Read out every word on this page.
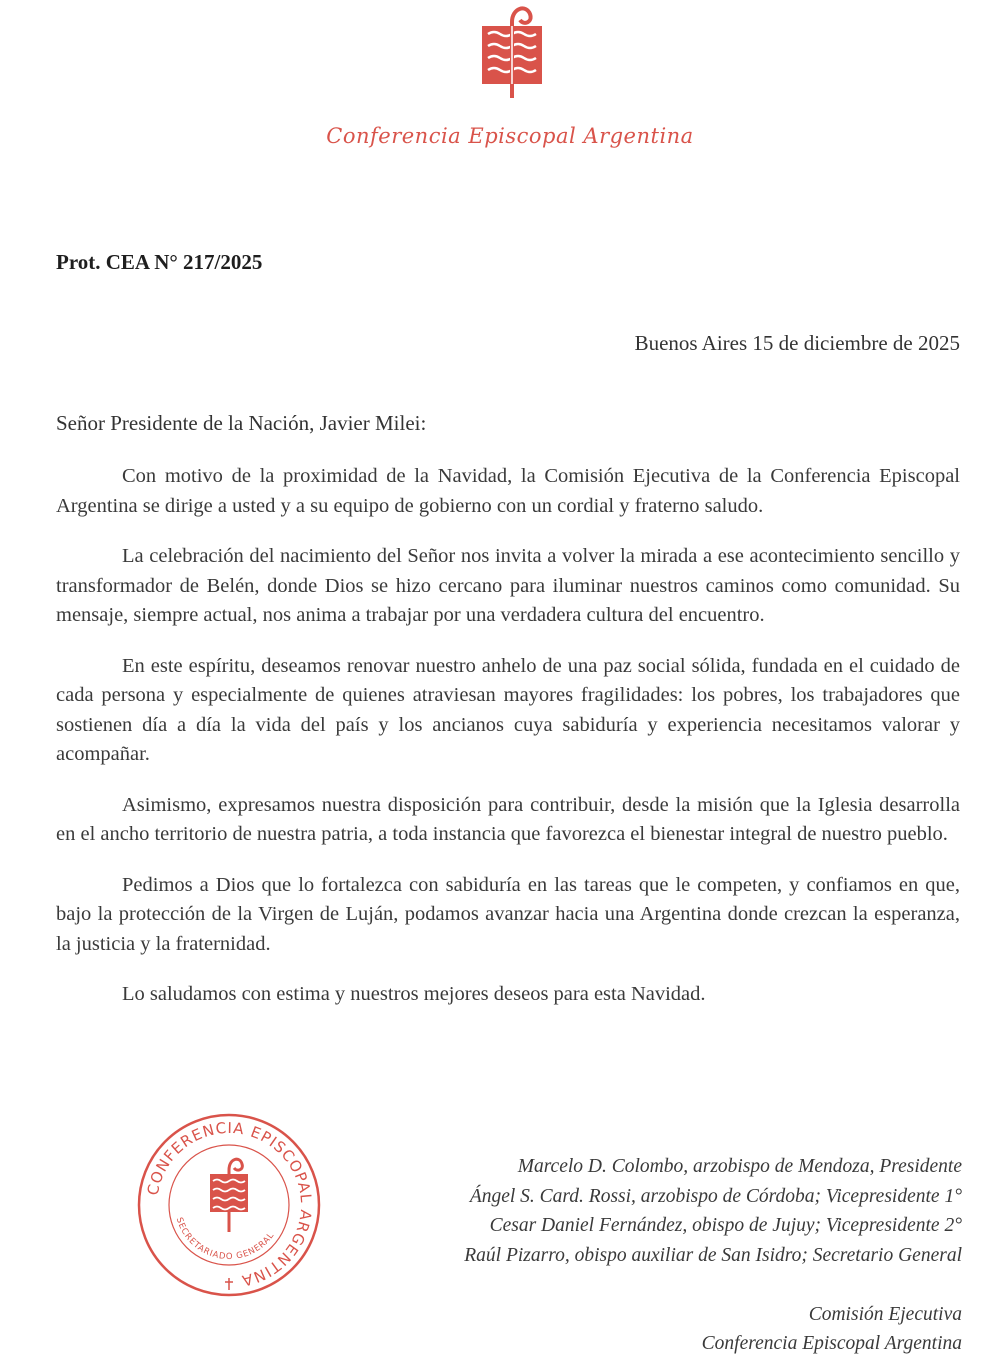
Conferencia Episcopal Argentina
Prot. CEA N° 217/2025
Buenos Aires 15 de diciembre de 2025
Señor Presidente de la Nación, Javier Milei:

Con motivo de la proximidad de la Navidad, la Comisión Ejecutiva de la Conferencia Episcopal Argentina se dirige a usted y a su equipo de gobierno con un cordial y fraterno saludo.

La celebración del nacimiento del Señor nos invita a volver la mirada a ese acontecimiento sencillo y transformador de Belén, donde Dios se hizo cercano para iluminar nuestros caminos como comunidad. Su mensaje, siempre actual, nos anima a trabajar por una verdadera cultura del encuentro.

En este espíritu, deseamos renovar nuestro anhelo de una paz social sólida, fundada en el cuidado de cada persona y especialmente de quienes atraviesan mayores fragilidades: los pobres, los trabajadores que sostienen día a día la vida del país y los ancianos cuya sabiduría y experiencia necesitamos valorar y acompañar.

Asimismo, expresamos nuestra disposición para contribuir, desde la misión que la Iglesia desarrolla en el ancho territorio de nuestra patria, a toda instancia que favorezca el bienestar integral de nuestro pueblo.

Pedimos a Dios que lo fortalezca con sabiduría en las tareas que le competen, y confiamos en que, bajo la protección de la Virgen de Luján, podamos avanzar hacia una Argentina donde crezcan la esperanza, la justicia y la fraternidad.

Lo saludamos con estima y nuestros mejores deseos para esta Navidad.

CONFERENCIA EPISCOPAL ARGENTINA
SECRETARIADO GENERAL
Marcelo D. Colombo, arzobispo de Mendoza, Presidente
Ángel S. Card. Rossi, arzobispo de Córdoba; Vicepresidente 1°
Cesar Daniel Fernández, obispo de Jujuy; Vicepresidente 2°
Raúl Pizarro, obispo auxiliar de San Isidro; Secretario General
Comisión Ejecutiva
Conferencia Episcopal Argentina
